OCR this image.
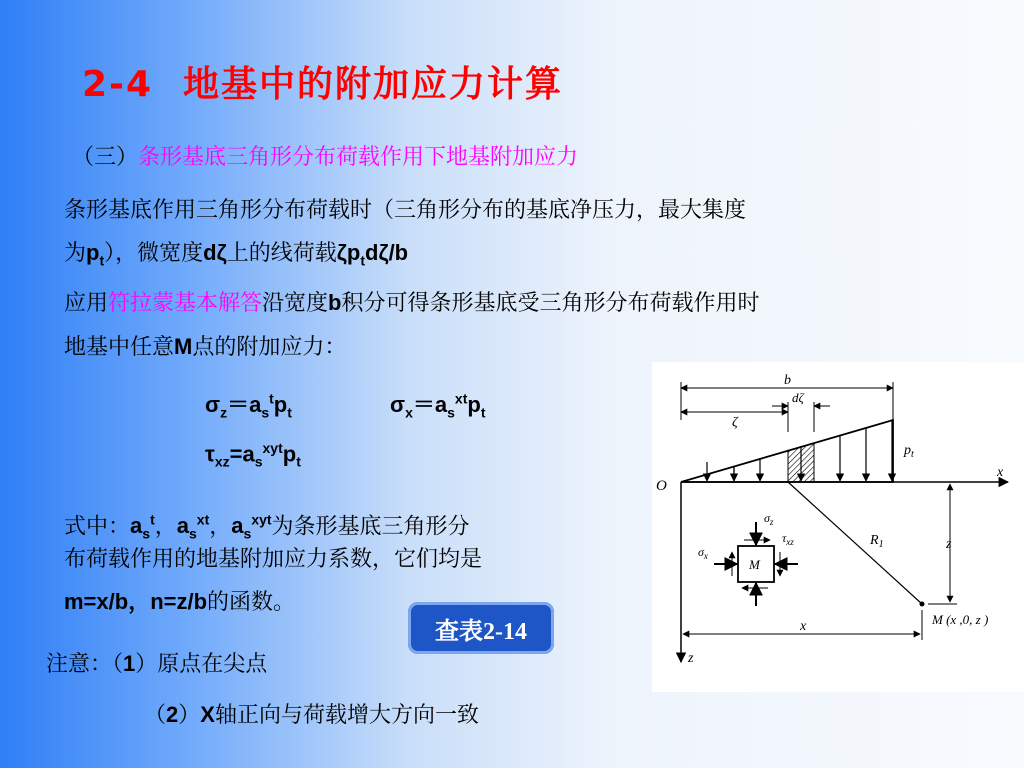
2-4 地基中的附加应力计算
（三）条形基底三角形分布荷载作用下地基附加应力
条形基底作用三角形分布荷载时（三角形分布的基底净压力，最大集度
为$p_t$），微宽度dζ上的线荷载$\zeta p_td\zeta/b$
应用符拉蒙基本解答沿宽度b积分可得条形基底受三角形分布荷载作用时
地基中任意M点的附加应力：
$\sigma_z=a_s^tp_t$	$\sigma_x=a_s^{xt}p_t$
$\tau_{xz}=a_s^{xyt}p_t$
式中：$a_s^t$，$a_s^{xt}$，$a_s^{xyt}$为条形基底三角形分
布荷载作用的地基附加应力系数，它们均是
m=x/b，n=z/b的函数。
查表2-14
注意：（1）原点在尖点
（2）X轴正向与荷载增大方向一致
b
dζ
ζ
$p_t$
x
O
z
$R_1$	z
x	M (x ,0, z )
M
$\sigma_z$
$\tau_{xz}$
$\sigma_x$
